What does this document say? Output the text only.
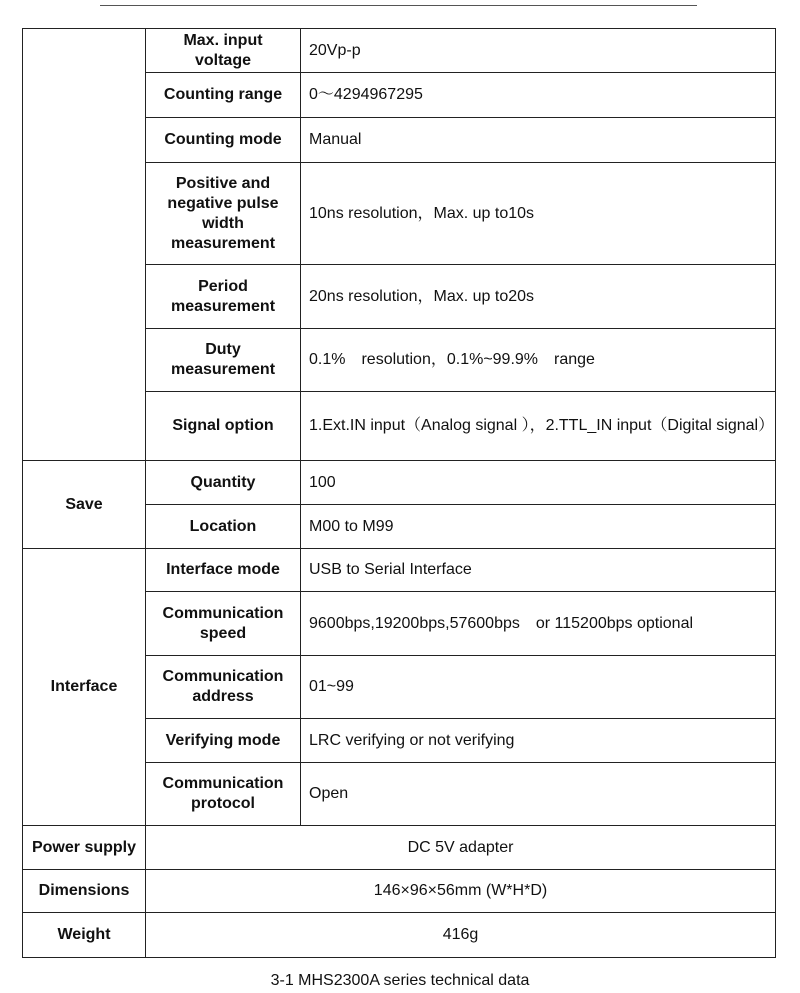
	Max. input voltage	20Vp-p
	Counting range	0～4294967295
	Counting mode	Manual
	Positive and negative pulse width measurement	10ns resolution，Max. up to10s
	Period measurement	20ns resolution，Max. up to20s
	Duty measurement	0.1%　resolution，0.1%~99.9%　range
	Signal option	1.Ext.IN input（Analog signal ），2.TTL_IN input（Digital signal）
Save	Quantity	100
	Location	M00 to M99
Interface	Interface mode	USB to Serial Interface
	Communication speed	9600bps,19200bps,57600bps　or 115200bps optional
	Communication address	01~99
	Verifying mode	LRC verifying or not verifying
	Communication protocol	Open
Power supply	DC 5V adapter	
Dimensions	146×96×56mm (W*H*D)	
Weight	416g	
3-1 MHS2300A series technical data
